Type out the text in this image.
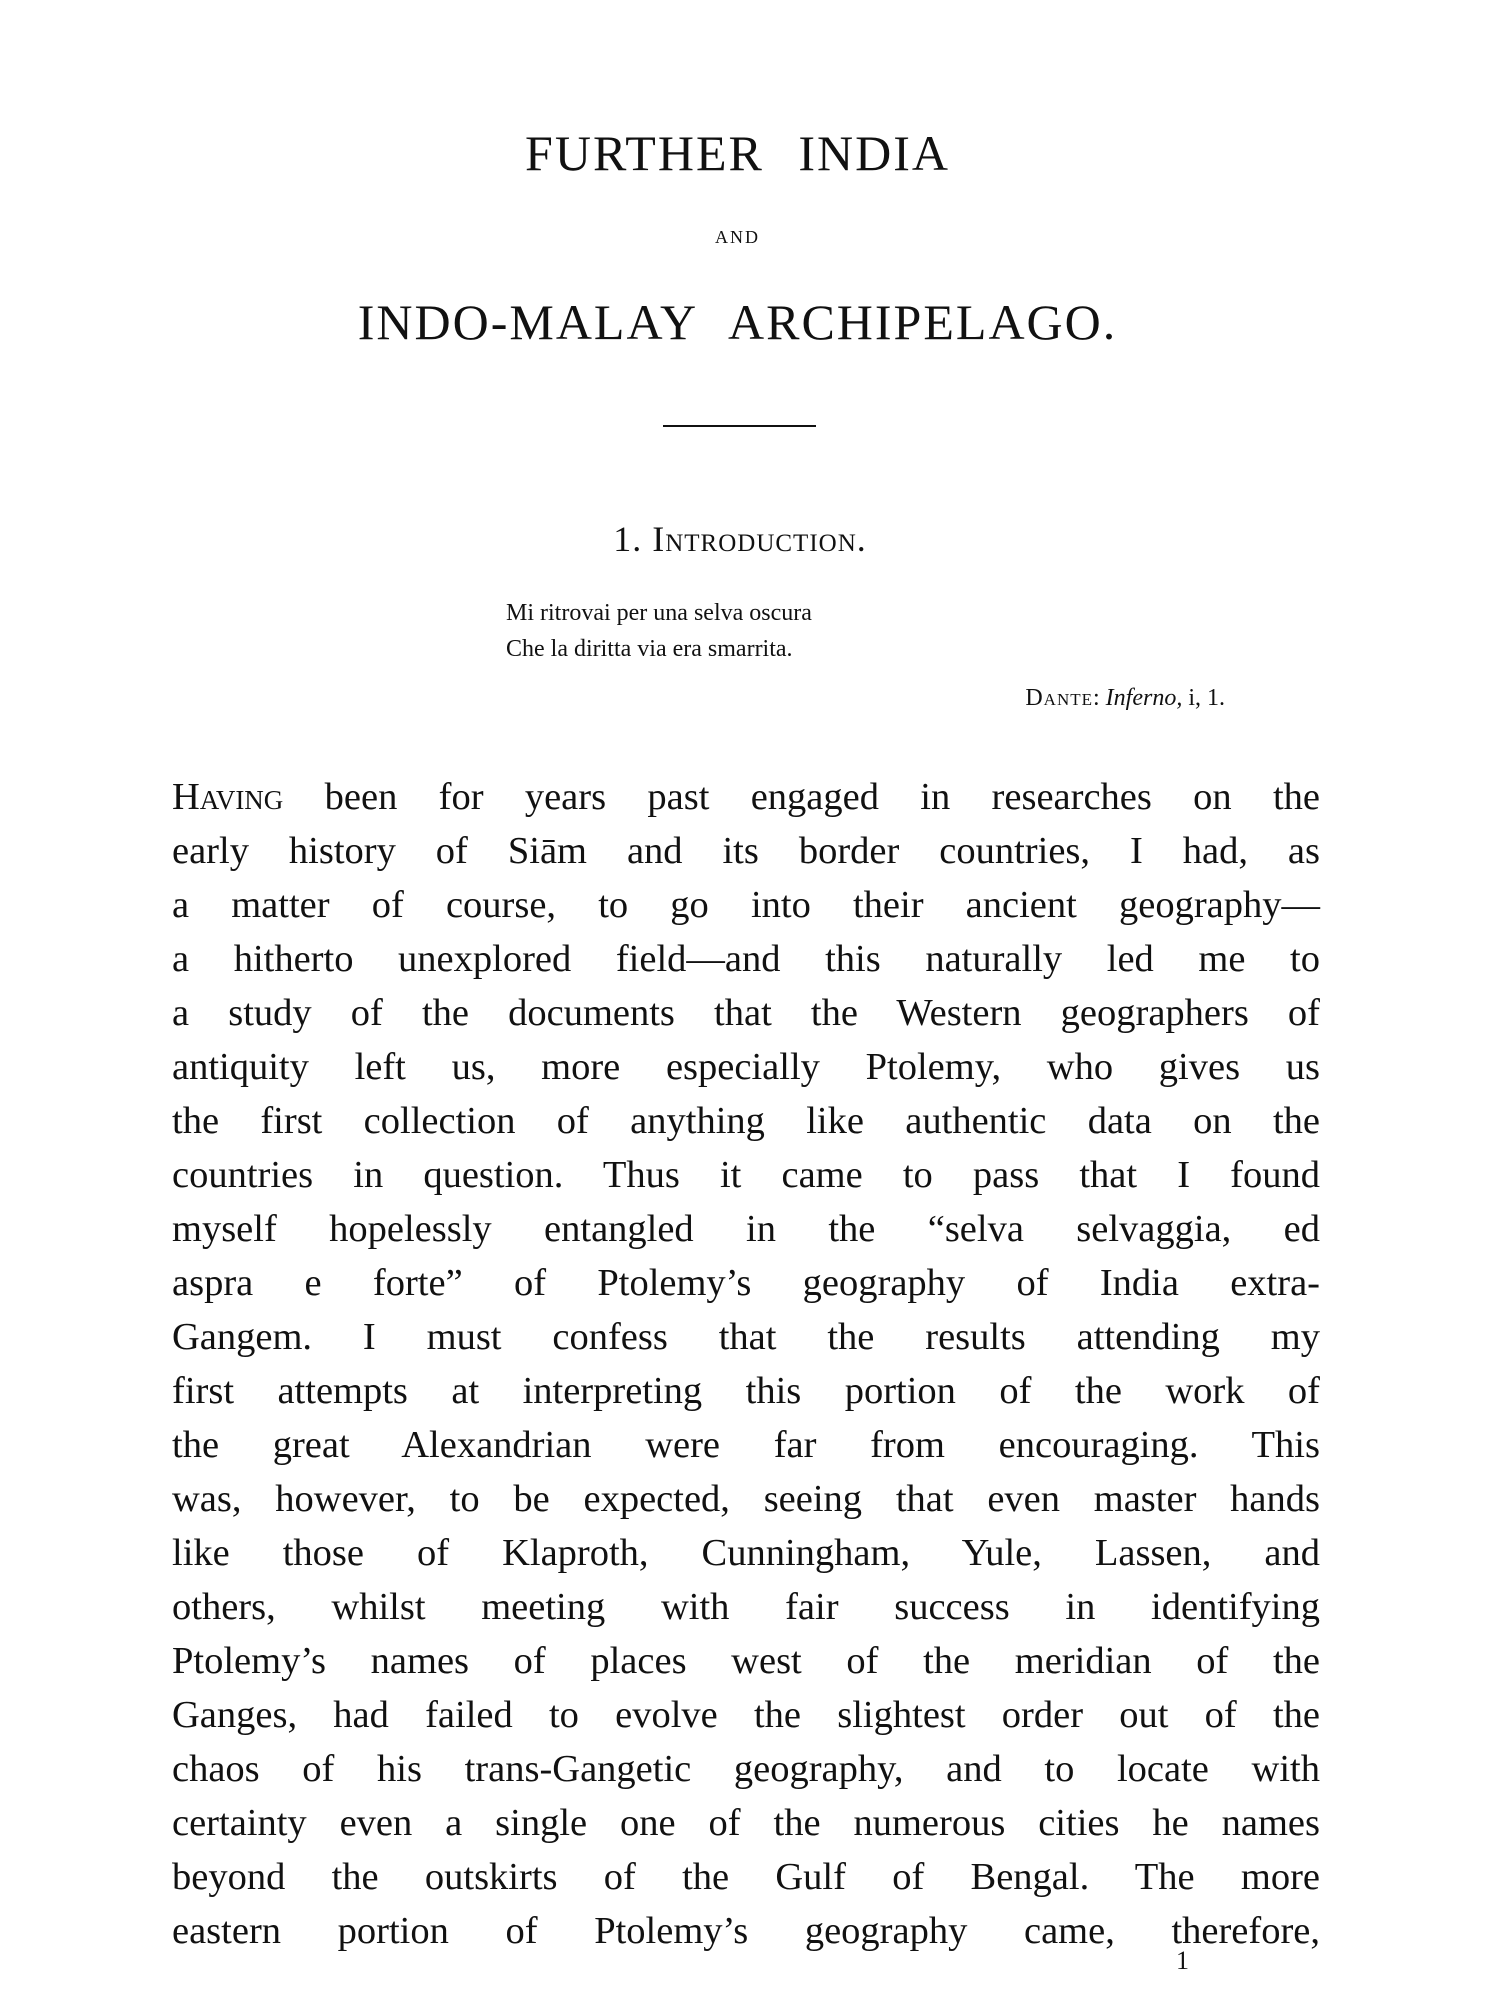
FURTHER INDIA
AND
INDO-MALAY ARCHIPELAGO.
1. Introduction.
Mi ritrovai per una selva oscura
Che la diritta via era smarrita.
Dante: Inferno, i, 1.
Having been for years past engaged in researches on the
early history of Siām and its border countries, I had, as
a matter of course, to go into their ancient geography—
a hitherto unexplored field—and this naturally led me to
a study of the documents that the Western geographers of
antiquity left us, more especially Ptolemy, who gives us
the first collection of anything like authentic data on the
countries in question. Thus it came to pass that I found
myself hopelessly entangled in the “selva selvaggia, ed
aspra e forte” of Ptolemy’s geography of India extra-
Gangem. I must confess that the results attending my
first attempts at interpreting this portion of the work of
the great Alexandrian were far from encouraging. This
was, however, to be expected, seeing that even master hands
like those of Klaproth, Cunningham, Yule, Lassen, and
others, whilst meeting with fair success in identifying
Ptolemy’s names of places west of the meridian of the
Ganges, had failed to evolve the slightest order out of the
chaos of his trans-Gangetic geography, and to locate with
certainty even a single one of the numerous cities he names
beyond the outskirts of the Gulf of Bengal. The more
eastern portion of Ptolemy’s geography came, therefore,
1
